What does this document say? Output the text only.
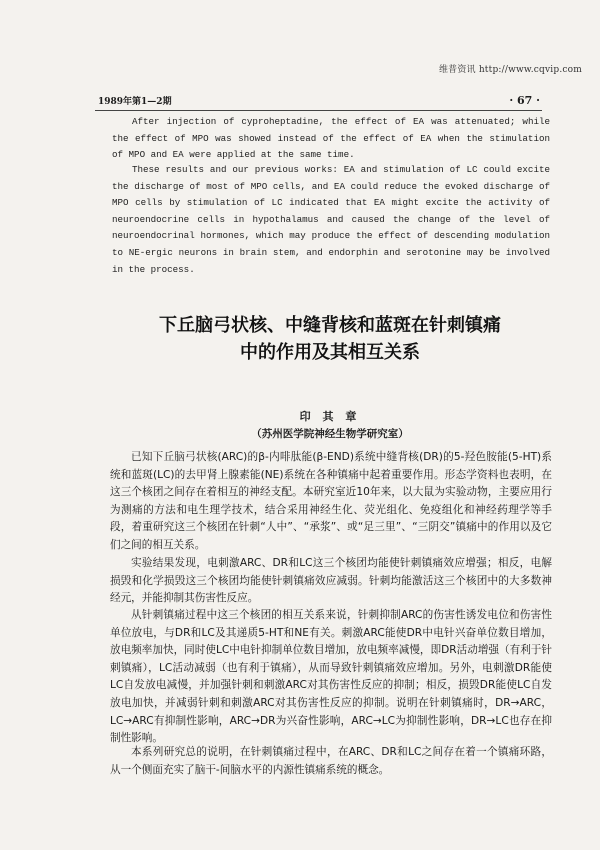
维普资讯 http://www.cqvip.com
1989年第1—2期	· 67 ·

After injection of cyproheptadine, the effect of EA was attenuated; while the effect of MPO was showed instead of the effect of EA when the stimulation of MPO and EA were applied at the same time.

These results and our previous works: EA and stimulation of LC could excite the discharge of most of MPO cells, and EA could reduce the evoked discharge of MPO cells by stimulation of LC indicated that EA might excite the activity of neuroendocrine cells in hypothalamus and caused the change of the level of neuroendocrinal hormones, which may produce the effect of descending modulation to NE-ergic neurons in brain stem, and endorphin and serotonine may be involved in the process.

下丘脑弓状核、中缝背核和蓝斑在针刺镇痛
中的作用及其相互关系
印 其 章
（苏州医学院神经生物学研究室）

已知下丘脑弓状核(ARC)的β-内啡肽能(β-END)系统中缝背核(DR)的5-羟色胺能(5-HT)系统和蓝斑(LC)的去甲肾上腺素能(NE)系统在各种镇痛中起着重要作用。形态学资料也表明，在这三个核团之间存在着相互的神经支配。本研究室近10年来，以大鼠为实验动物，主要应用行为测痛的方法和电生理学技术，结合采用神经生化、荧光组化、免疫组化和神经药理学等手段，着重研究这三个核团在针刺“人中”、“承浆”、或“足三里”、“三阴交”镇痛中的作用以及它们之间的相互关系。

实验结果发现，电刺激ARC、DR和LC这三个核团均能使针刺镇痛效应增强；相反，电解损毁和化学损毁这三个核团均能使针刺镇痛效应减弱。针刺均能激活这三个核团中的大多数神经元，并能抑制其伤害性反应。

从针刺镇痛过程中这三个核团的相互关系来说，针刺抑制ARC的伤害性诱发电位和伤害性单位放电，与DR和LC及其递质5-HT和NE有关。刺激ARC能使DR中电针兴奋单位数目增加，放电频率加快，同时使LC中电针抑制单位数目增加，放电频率减慢，即DR活动增强（有利于针刺镇痛），LC活动减弱（也有利于镇痛），从而导致针刺镇痛效应增加。另外，电刺激DR能使LC自发放电减慢，并加强针刺和刺激ARC对其伤害性反应的抑制；相反，损毁DR能使LC自发放电加快，并减弱针刺和刺激ARC对其伤害性反应的抑制。说明在针刺镇痛时，DR→ARC，LC→ARC有抑制性影响，ARC→DR为兴奋性影响，ARC→LC为抑制性影响，DR→LC也存在抑制性影响。

本系列研究总的说明，在针刺镇痛过程中，在ARC、DR和LC之间存在着一个镇痛环路，从一个侧面充实了脑干-间脑水平的内源性镇痛系统的概念。
